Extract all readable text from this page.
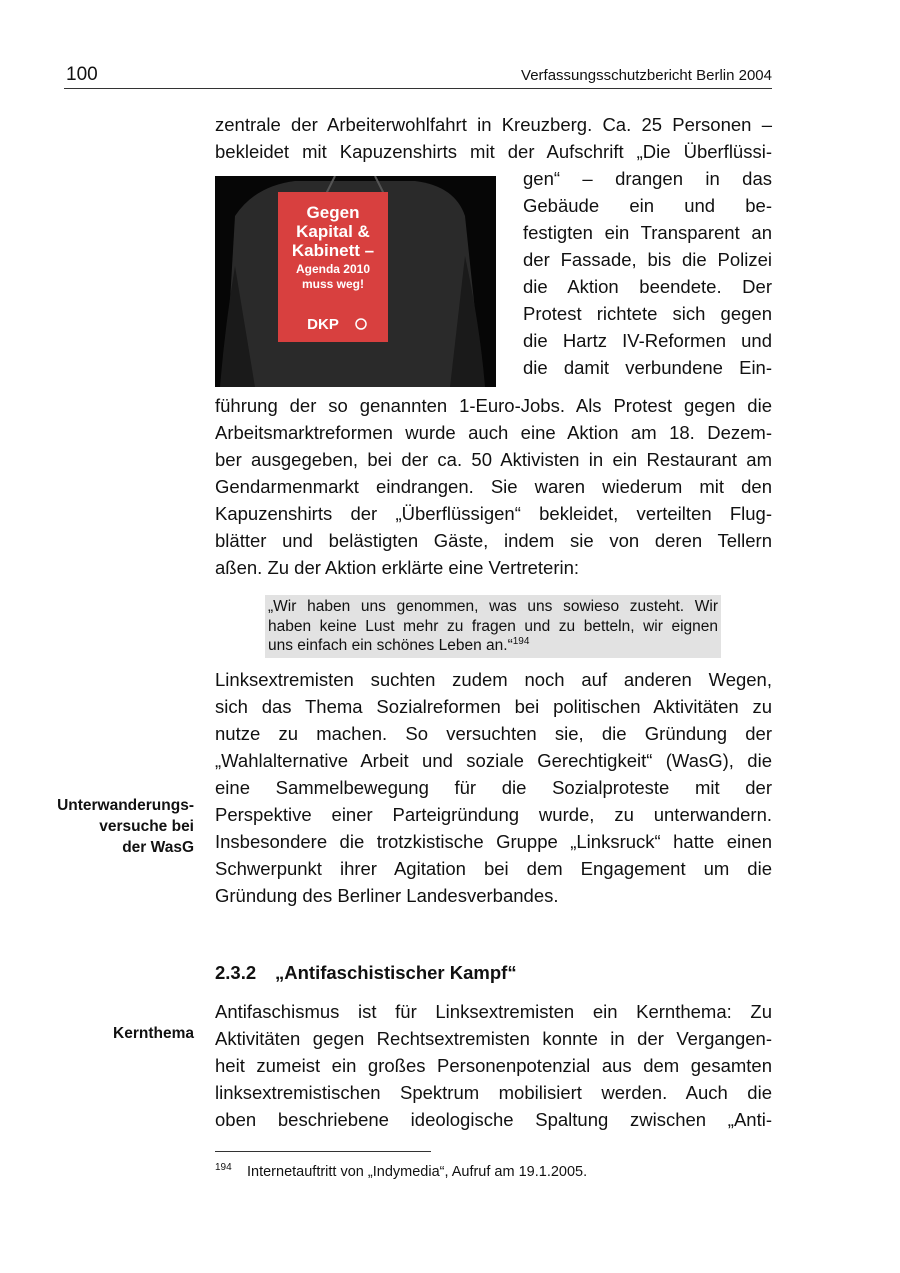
100	Verfassungsschutzbericht Berlin 2004
zentrale der Arbeiterwohlfahrt in Kreuzberg. Ca. 25 Personen –
bekleidet mit Kapuzenshirts mit der Aufschrift „Die Überflüssi-
Gegen
Kapital &
Kabinett –
Agenda 2010
muss weg!
DKP
gen“ – drangen in das
Gebäude ein und be-
festigten ein Transparent an
der Fassade, bis die Polizei
die Aktion beendete. Der
Protest richtete sich gegen
die Hartz IV-Reformen und
die damit verbundene Ein-
führung der so genannten 1-Euro-Jobs. Als Protest gegen die
Arbeitsmarktreformen wurde auch eine Aktion am 18. Dezem-
ber ausgegeben, bei der ca. 50 Aktivisten in ein Restaurant am
Gendarmenmarkt eindrangen. Sie waren wiederum mit den
Kapuzenshirts der „Überflüssigen“ bekleidet, verteilten Flug-
blätter und belästigten Gäste, indem sie von deren Tellern
aßen. Zu der Aktion erklärte eine Vertreterin:
„Wir haben uns genommen, was uns sowieso zusteht. Wir
haben keine Lust mehr zu fragen und zu betteln, wir eignen
uns einfach ein schönes Leben an.“$^{194}$
Linksextremisten suchten zudem noch auf anderen Wegen,
sich das Thema Sozialreformen bei politischen Aktivitäten zu
nutze zu machen. So versuchten sie, die Gründung der
„Wahlalternative Arbeit und soziale Gerechtigkeit“ (WasG), die
eine Sammelbewegung für die Sozialproteste mit der
Perspektive einer Parteigründung wurde, zu unterwandern.
Insbesondere die trotzkistische Gruppe „Linksruck“ hatte einen
Schwerpunkt ihrer Agitation bei dem Engagement um die
Gründung des Berliner Landesverbandes.
Unterwanderungs-
versuche bei
der WasG
2.3.2 „Antifaschistischer Kampf“
Antifaschismus ist für Linksextremisten ein Kernthema: Zu
Aktivitäten gegen Rechtsextremisten konnte in der Vergangen-
heit zumeist ein großes Personenpotenzial aus dem gesamten
linksextremistischen Spektrum mobilisiert werden. Auch die
oben beschriebene ideologische Spaltung zwischen „Anti-
Kernthema
194 Internetauftritt von „Indymedia“, Aufruf am 19.1.2005.
